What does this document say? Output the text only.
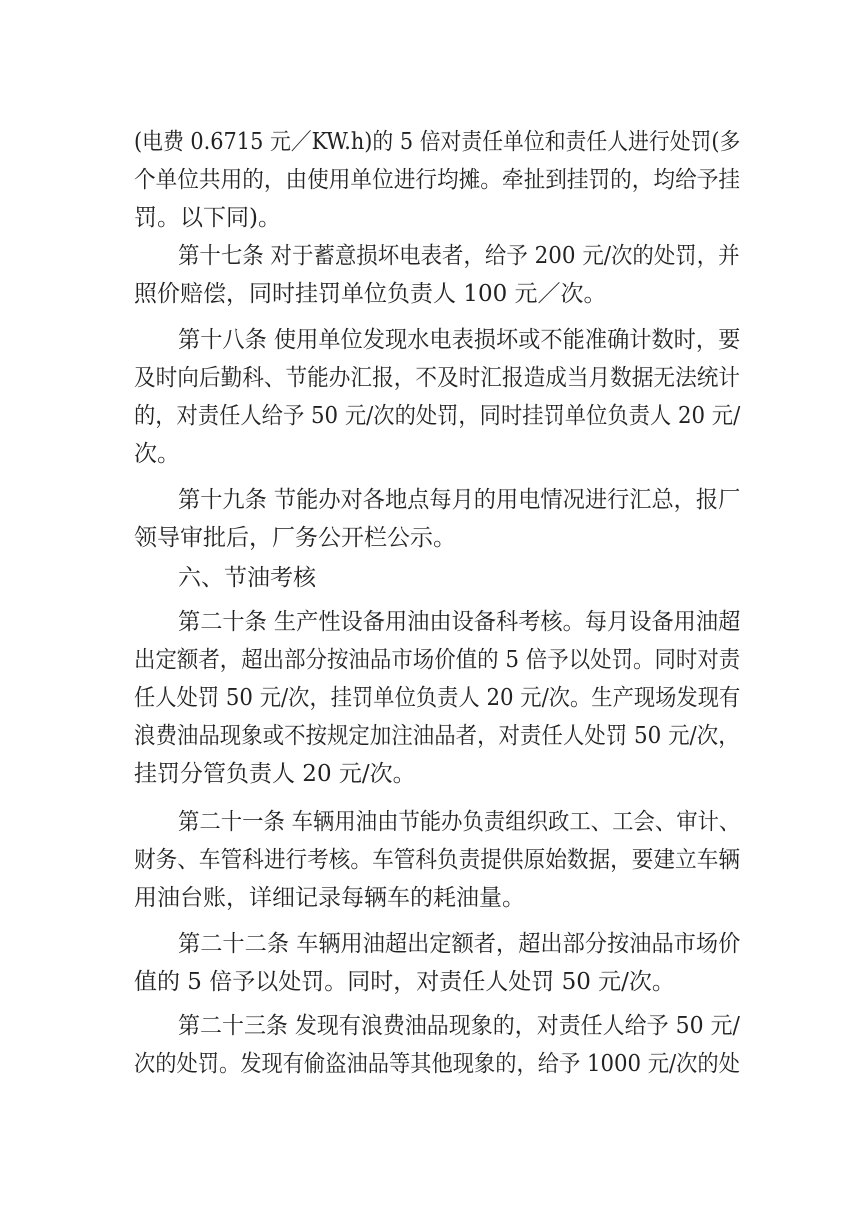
(电费 0.6715 元／KW.h)的 5 倍对责任单位和责任人进行处罚(多

个单位共用的，由使用单位进行均摊。牵扯到挂罚的，均给予挂

罚。以下同)。

第十七条 对于蓄意损坏电表者，给予 200 元/次的处罚，并

照价赔偿，同时挂罚单位负责人 100 元／次。

第十八条 使用单位发现水电表损坏或不能准确计数时，要

及时向后勤科、节能办汇报，不及时汇报造成当月数据无法统计

的，对责任人给予 50 元/次的处罚，同时挂罚单位负责人 20 元/

次。

第十九条 节能办对各地点每月的用电情况进行汇总，报厂

领导审批后，厂务公开栏公示。

六、节油考核

第二十条 生产性设备用油由设备科考核。每月设备用油超

出定额者，超出部分按油品市场价值的 5 倍予以处罚。同时对责

任人处罚 50 元/次，挂罚单位负责人 20 元/次。生产现场发现有

浪费油品现象或不按规定加注油品者，对责任人处罚 50 元/次，

挂罚分管负责人 20 元/次。

第二十一条 车辆用油由节能办负责组织政工、工会、审计、

财务、车管科进行考核。车管科负责提供原始数据，要建立车辆

用油台账，详细记录每辆车的耗油量。

第二十二条 车辆用油超出定额者，超出部分按油品市场价

值的 5 倍予以处罚。同时，对责任人处罚 50 元/次。

第二十三条 发现有浪费油品现象的，对责任人给予 50 元/

次的处罚。发现有偷盗油品等其他现象的，给予 1000 元/次的处
